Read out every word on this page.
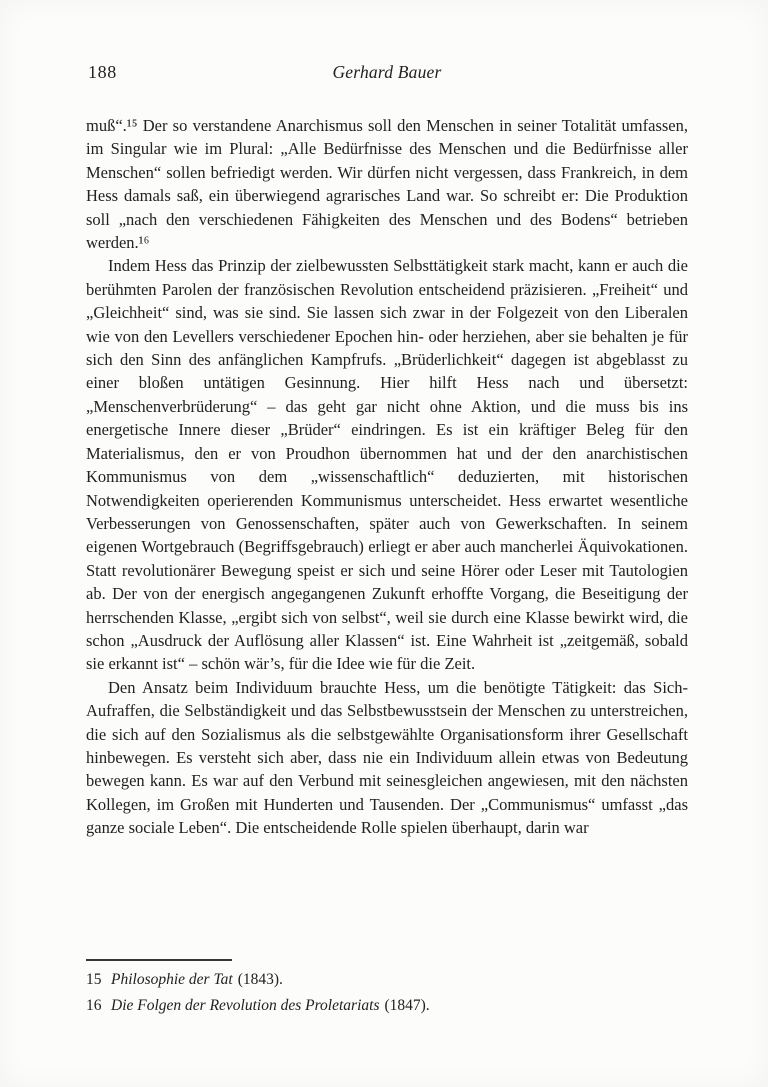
188	Gerhard Bauer

muß“.¹⁵ Der so verstandene Anarchismus soll den Menschen in seiner Totalität umfassen, im Singular wie im Plural: „Alle Bedürfnisse des Menschen und die Bedürfnisse aller Menschen“ sollen befriedigt werden. Wir dürfen nicht vergessen, dass Frankreich, in dem Hess damals saß, ein überwiegend agrarisches Land war. So schreibt er: Die Produktion soll „nach den verschiedenen Fähigkeiten des Menschen und des Bodens“ betrieben werden.¹⁶

Indem Hess das Prinzip der zielbewussten Selbsttätigkeit stark macht, kann er auch die berühmten Parolen der französischen Revolution entscheidend präzisieren. „Freiheit“ und „Gleichheit“ sind, was sie sind. Sie lassen sich zwar in der Folgezeit von den Liberalen wie von den Levellers verschiedener Epochen hin- oder herziehen, aber sie behalten je für sich den Sinn des anfänglichen Kampfrufs. „Brüderlichkeit“ dagegen ist abgeblasst zu einer bloßen untätigen Gesinnung. Hier hilft Hess nach und übersetzt: „Menschenverbrüderung“ – das geht gar nicht ohne Aktion, und die muss bis ins energetische Innere dieser „Brüder“ eindringen. Es ist ein kräftiger Beleg für den Materialismus, den er von Proudhon übernommen hat und der den anarchistischen Kommunismus von dem „wissenschaftlich“ deduzierten, mit historischen Notwendigkeiten operierenden Kommunismus unterscheidet. Hess erwartet wesentliche Verbesserungen von Genossenschaften, später auch von Gewerkschaften. In seinem eigenen Wortgebrauch (Begriffsgebrauch) erliegt er aber auch mancherlei Äquivokationen. Statt revolutionärer Bewegung speist er sich und seine Hörer oder Leser mit Tautologien ab. Der von der energisch angegangenen Zukunft erhoffte Vorgang, die Beseitigung der herrschenden Klasse, „ergibt sich von selbst“, weil sie durch eine Klasse bewirkt wird, die schon „Ausdruck der Auflösung aller Klassen“ ist. Eine Wahrheit ist „zeitgemäß, sobald sie erkannt ist“ – schön wär’s, für die Idee wie für die Zeit.

Den Ansatz beim Individuum brauchte Hess, um die benötigte Tätigkeit: das Sich-Aufraffen, die Selbständigkeit und das Selbstbewusstsein der Menschen zu unterstreichen, die sich auf den Sozialismus als die selbstgewählte Organisationsform ihrer Gesellschaft hinbewegen. Es versteht sich aber, dass nie ein Individuum allein etwas von Bedeutung bewegen kann. Es war auf den Verbund mit seinesgleichen angewiesen, mit den nächsten Kollegen, im Großen mit Hunderten und Tausenden. Der „Communismus“ umfasst „das ganze sociale Leben“. Die entscheidende Rolle spielen überhaupt, darin war

15 Philosophie der Tat (1843).
16 Die Folgen der Revolution des Proletariats (1847).
